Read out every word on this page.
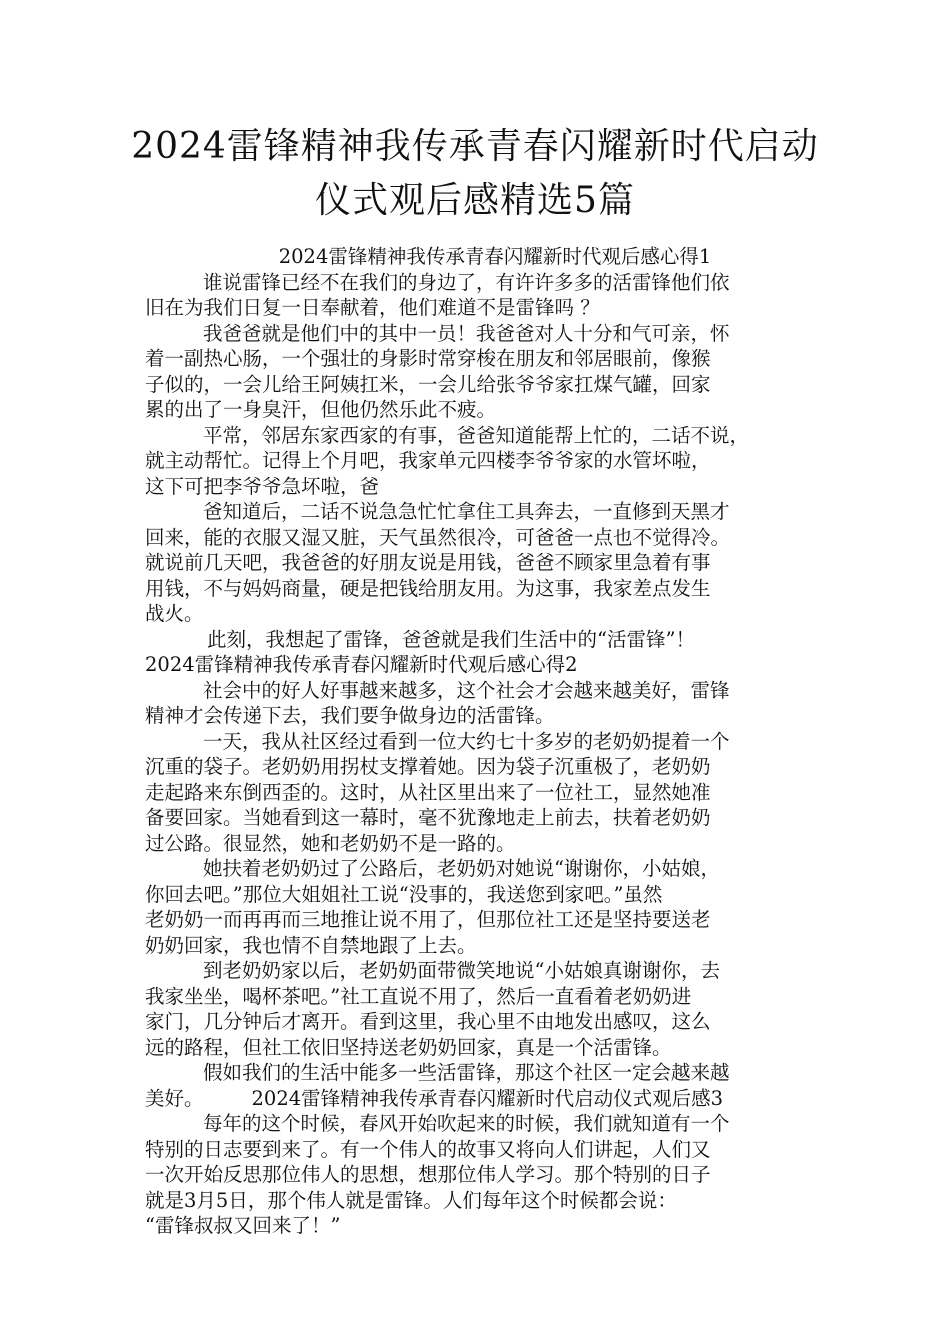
2024雷锋精神我传承青春闪耀新时代启动
仪式观后感精选5篇
2024雷锋精神我传承青春闪耀新时代观后感心得1
谁说雷锋已经不在我们的身边了，有许许多多的活雷锋他们依
旧在为我们日复一日奉献着，他们难道不是雷锋吗 ？
我爸爸就是他们中的其中一员！我爸爸对人十分和气可亲，怀
着一副热心肠，一个强壮的身影时常穿梭在朋友和邻居眼前，像猴
子似的，一会儿给王阿姨扛米，一会儿给张爷爷家扛煤气罐，回家
累的出了一身臭汗，但他仍然乐此不疲。
平常，邻居东家西家的有事，爸爸知道能帮上忙的，二话不说，
就主动帮忙。记得上个月吧，我家单元四楼李爷爷家的水管坏啦，
这下可把李爷爷急坏啦，爸
爸知道后，二话不说急急忙忙拿住工具奔去，一直修到天黑才
回来，能的衣服又湿又脏，天气虽然很冷，可爸爸一点也不觉得冷。
就说前几天吧，我爸爸的好朋友说是用钱，爸爸不顾家里急着有事
用钱，不与妈妈商量，硬是把钱给朋友用。为这事，我家差点发生
战火。
此刻，我想起了雷锋，爸爸就是我们生活中的“活雷锋”！
2024雷锋精神我传承青春闪耀新时代观后感心得2
社会中的好人好事越来越多，这个社会才会越来越美好，雷锋
精神才会传递下去，我们要争做身边的活雷锋。
一天，我从社区经过看到一位大约七十多岁的老奶奶提着一个
沉重的袋子。老奶奶用拐杖支撑着她。因为袋子沉重极了，老奶奶
走起路来东倒西歪的。这时，从社区里出来了一位社工，显然她准
备要回家。当她看到这一幕时，毫不犹豫地走上前去，扶着老奶奶
过公路。很显然，她和老奶奶不是一路的。
她扶着老奶奶过了公路后，老奶奶对她说“谢谢你，小姑娘，
你回去吧。”那位大姐姐社工说“没事的，我送您到家吧。”虽然
老奶奶一而再再而三地推让说不用了，但那位社工还是坚持要送老
奶奶回家，我也情不自禁地跟了上去。
到老奶奶家以后，老奶奶面带微笑地说“小姑娘真谢谢你，去
我家坐坐，喝杯茶吧。”社工直说不用了，然后一直看着老奶奶进
家门，几分钟后才离开。看到这里，我心里不由地发出感叹，这么
远的路程，但社工依旧坚持送老奶奶回家，真是一个活雷锋。
假如我们的生活中能多一些活雷锋，那这个社区一定会越来越
美好。 2024雷锋精神我传承青春闪耀新时代启动仪式观后感3
每年的这个时候，春风开始吹起来的时候，我们就知道有一个
特别的日志要到来了。有一个伟人的故事又将向人们讲起，人们又
一次开始反思那位伟人的思想，想那位伟人学习。那个特别的日子
就是3月5日，那个伟人就是雷锋。人们每年这个时候都会说：
“雷锋叔叔又回来了！”
